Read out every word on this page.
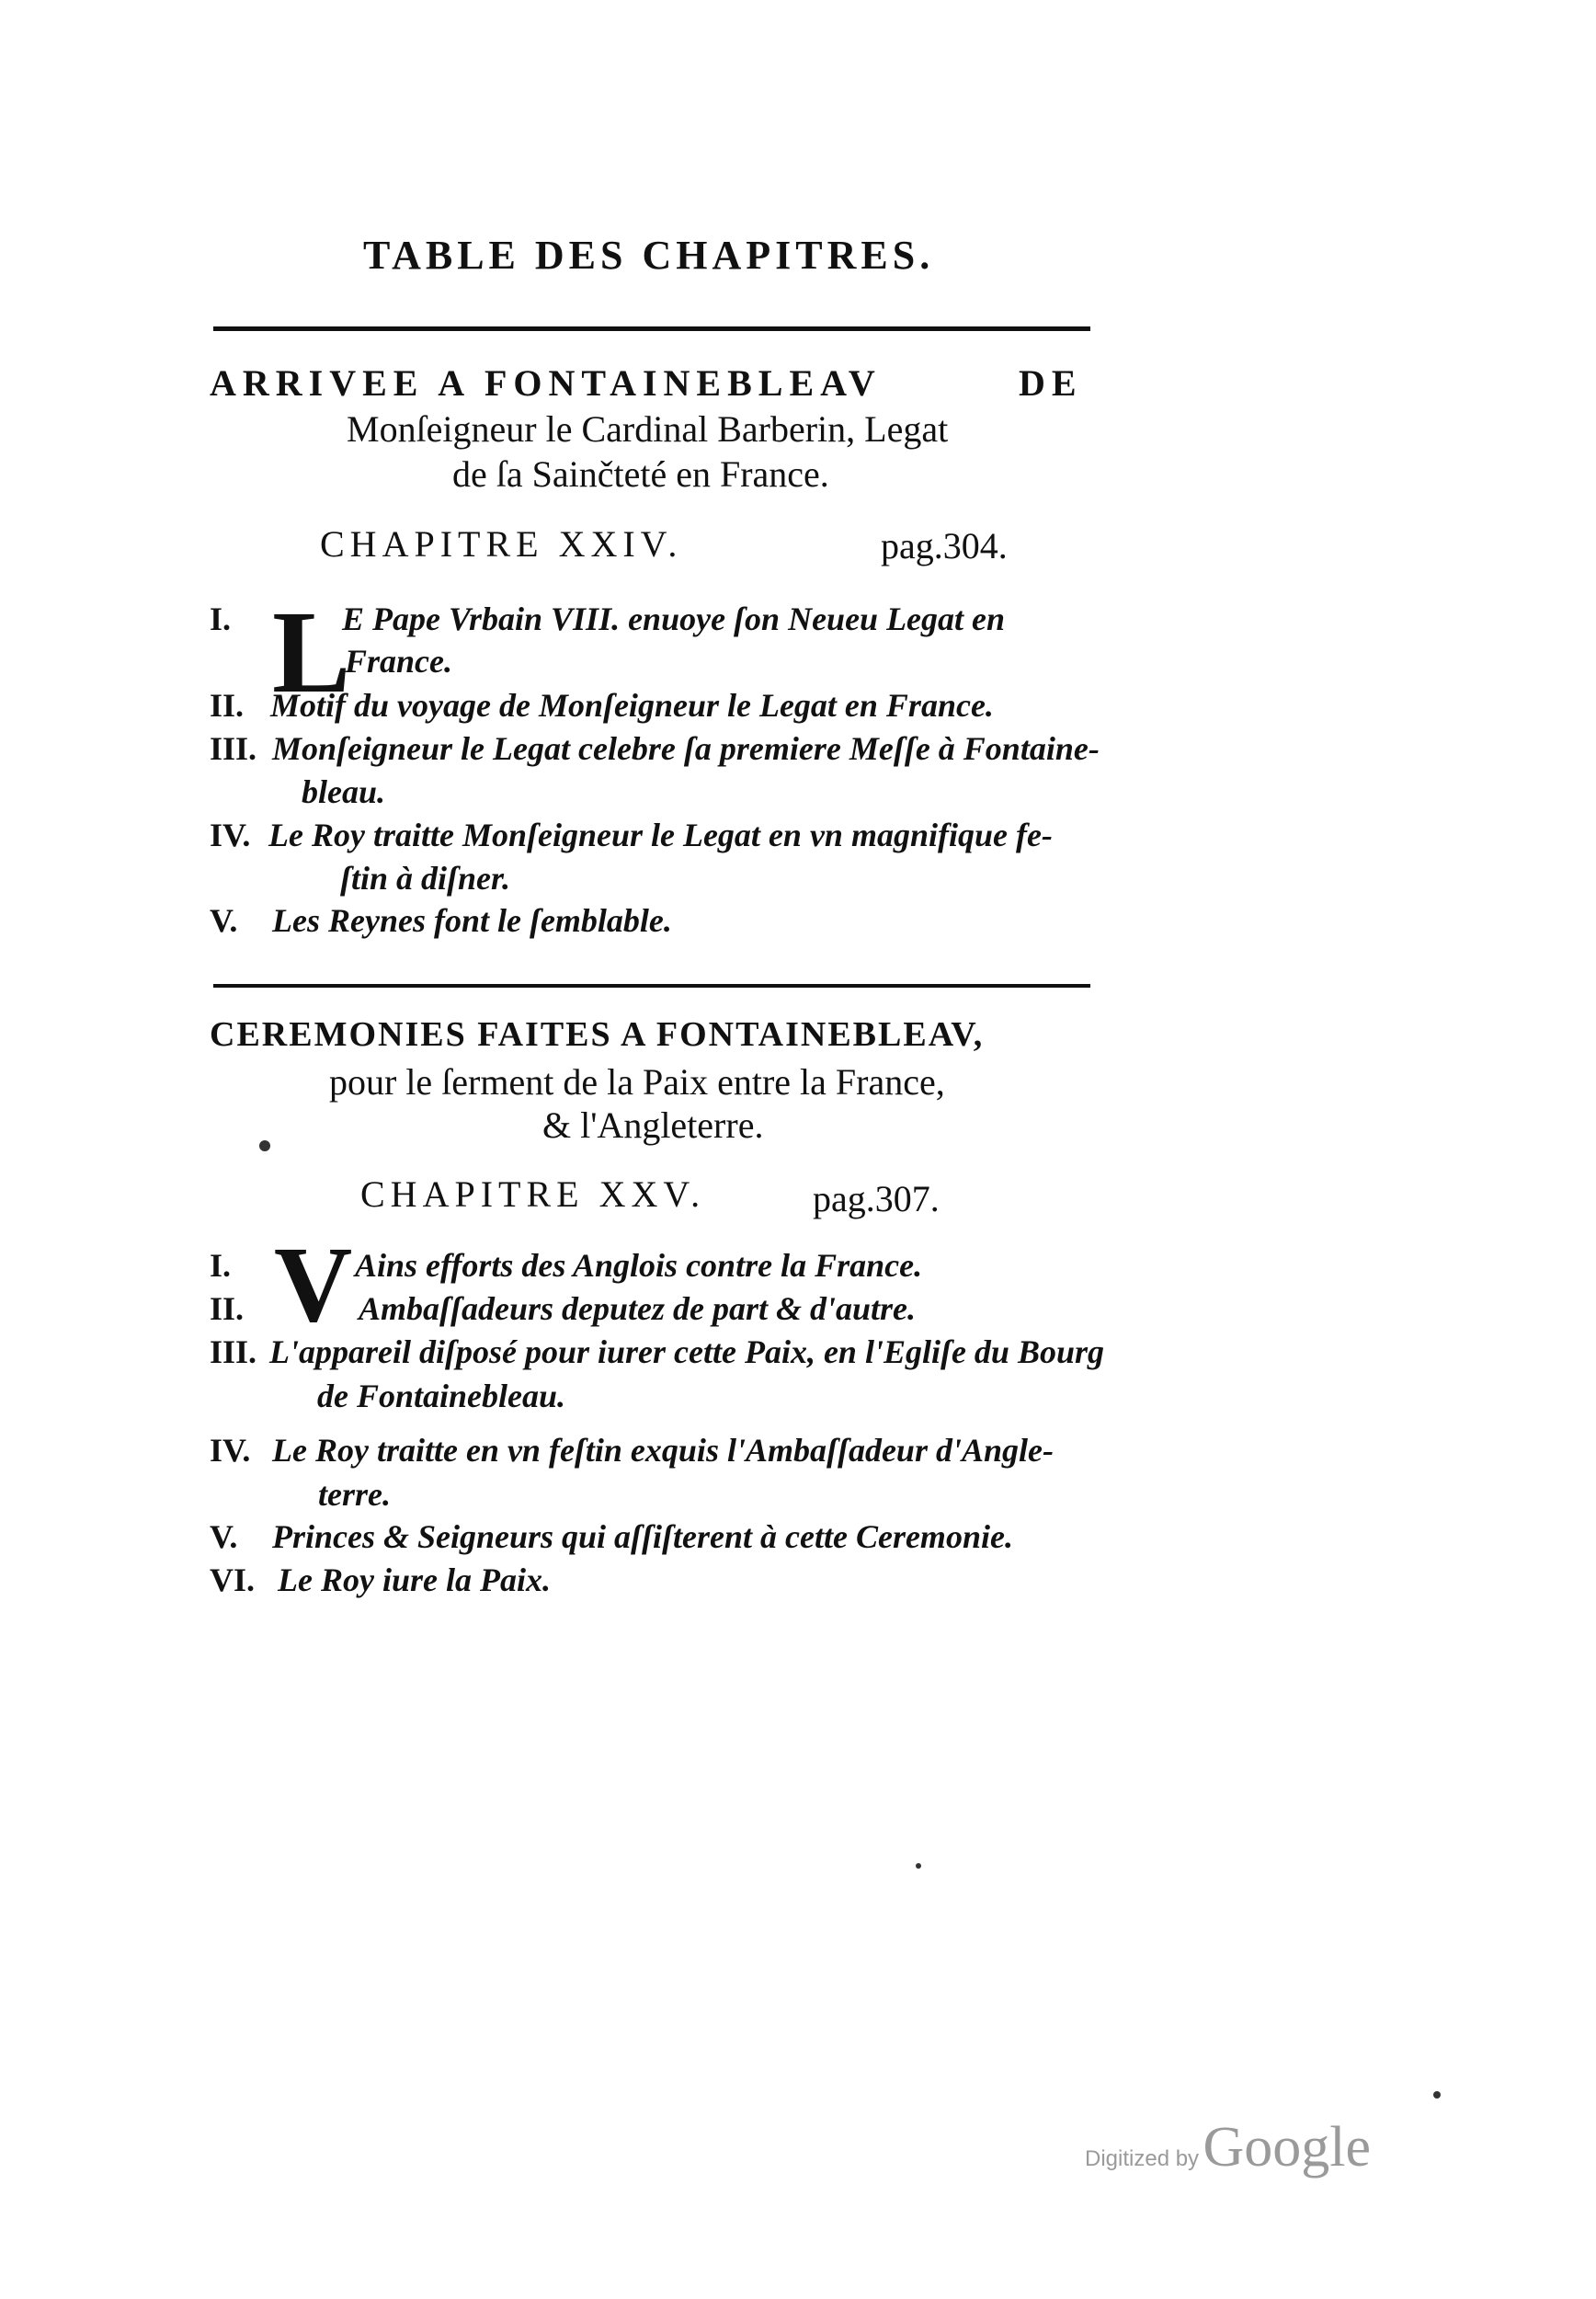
TABLE DES CHAPITRES.
ARRIVEE A FONTAINEBLEAV	DE
Monſeigneur le Cardinal Barberin, Legat
de ſa Sainčteté en France.
CHAPITRE XXIV.	pag.304.
L
I.	E Pape Vrbain VIII. enuoye ſon Neueu Legat en
France.
II. Motif du voyage de Monſeigneur le Legat en France.
III. Monſeigneur le Legat celebre ſa premiere Meſſe à Fontaine-
bleau.
IV. Le Roy traitte Monſeigneur le Legat en vn magnifique fe-
ſtin à diſner.
V. Les Reynes font le ſemblable.
CEREMONIES FAITES A FONTAINEBLEAV,
pour le ſerment de la Paix entre la France,
& l'Angleterre.
CHAPITRE XXV.	pag.307.
V
I.	Ains efforts des Anglois contre la France.
II.	Ambaſſadeurs deputez de part & d'autre.
III. L'appareil diſposé pour iurer cette Paix, en l'Egliſe du Bourg
de Fontainebleau.
IV. Le Roy traitte en vn feſtin exquis l'Ambaſſadeur d'Angle-
terre.
V. Princes & Seigneurs qui aſſiſterent à cette Ceremonie.
VI. Le Roy iure la Paix.
Digitized by Google
